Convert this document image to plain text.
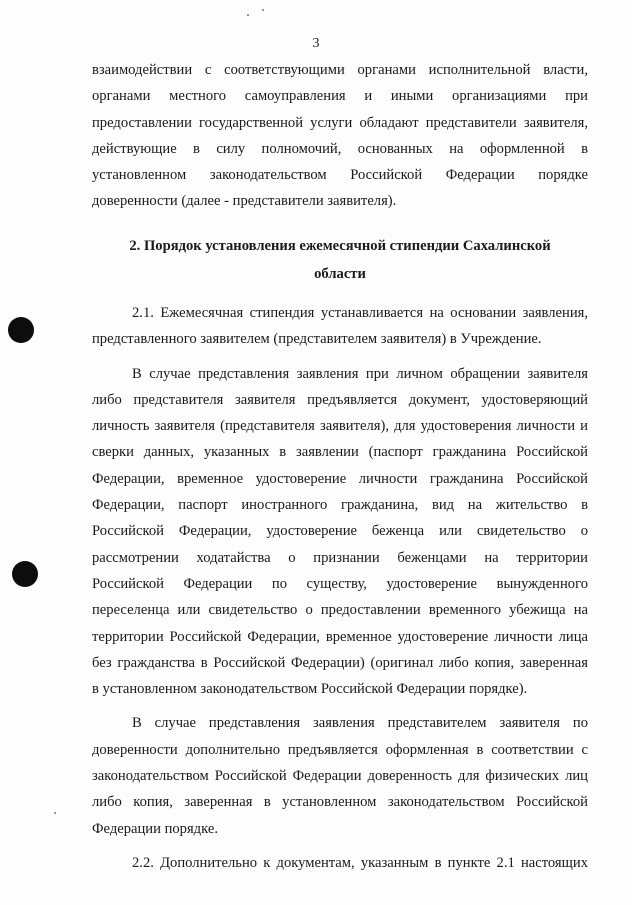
3
взаимодействии с соответствующими органами исполнительной власти,
органами местного самоуправления и иными организациями при
предоставлении государственной услуги обладают представители заявителя,
действующие в силу полномочий, основанных на оформленной в
установленном законодательством Российской Федерации порядке
доверенности (далее - представители заявителя).
2. Порядок установления ежемесячной стипендии Сахалинской
области
2.1. Ежемесячная стипендия устанавливается на основании заявления,
представленного заявителем (представителем заявителя) в Учреждение.
В случае представления заявления при личном обращении заявителя
либо представителя заявителя предъявляется документ, удостоверяющий
личность заявителя (представителя заявителя), для удостоверения личности и
сверки данных, указанных в заявлении (паспорт гражданина Российской
Федерации, временное удостоверение личности гражданина Российской
Федерации, паспорт иностранного гражданина, вид на жительство в
Российской Федерации, удостоверение беженца или свидетельство о
рассмотрении ходатайства о признании беженцами на территории
Российской Федерации по существу, удостоверение вынужденного
переселенца или свидетельство о предоставлении временного убежища на
территории Российской Федерации, временное удостоверение личности лица
без гражданства в Российской Федерации) (оригинал либо копия, заверенная
в установленном законодательством Российской Федерации порядке).
В случае представления заявления представителем заявителя по
доверенности дополнительно предъявляется оформленная в соответствии с
законодательством Российской Федерации доверенность для физических лиц
либо копия, заверенная в установленном законодательством Российской
Федерации порядке.
2.2. Дополнительно к документам, указанным в пункте 2.1 настоящих
